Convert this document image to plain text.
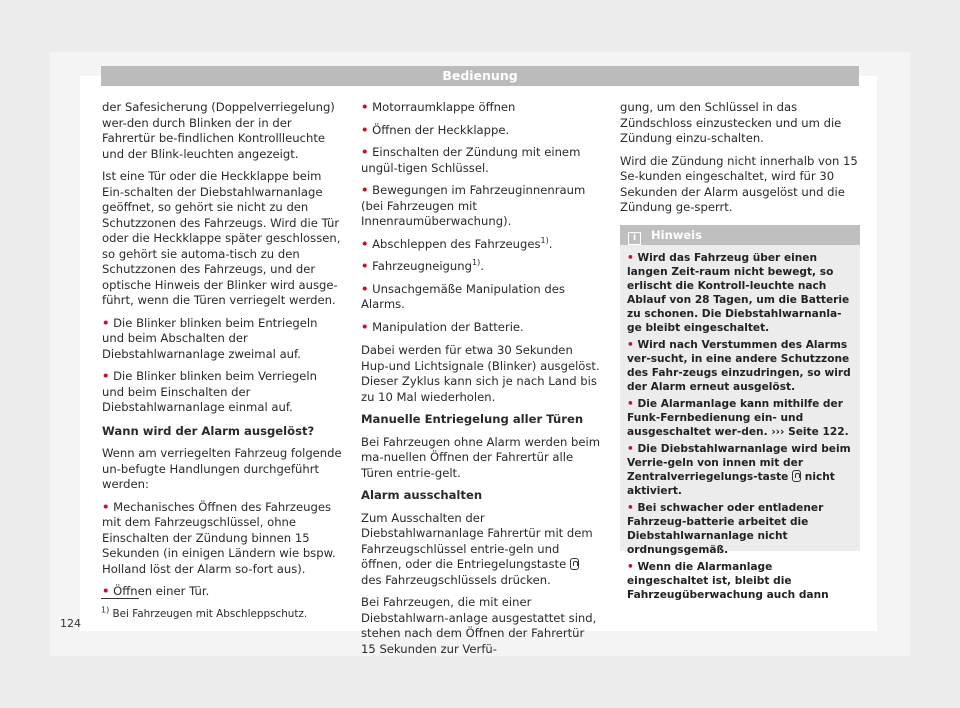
Bedienung

der Safesicherung (Doppelverriegelung) wer-den durch Blinken der in der Fahrertür be-findlichen Kontrollleuchte und der Blink-leuchten angezeigt.

Ist eine Tür oder die Heckklappe beim Ein-schalten der Diebstahlwarnanlage geöffnet, so gehört sie nicht zu den Schutzzonen des Fahrzeugs. Wird die Tür oder die Heckklappe später geschlossen, so gehört sie automa-tisch zu den Schutzzonen des Fahrzeugs, und der optische Hinweis der Blinker wird ausge-führt, wenn die Türen verriegelt werden.

• Die Blinker blinken beim Entriegeln und beim Abschalten der Diebstahlwarnanlage zweimal auf.

• Die Blinker blinken beim Verriegeln und beim Einschalten der Diebstahlwarnanlage einmal auf.

Wann wird der Alarm ausgelöst?

Wenn am verriegelten Fahrzeug folgende un-befugte Handlungen durchgeführt werden:

• Mechanisches Öffnen des Fahrzeuges mit dem Fahrzeugschlüssel, ohne Einschalten der Zündung binnen 15 Sekunden (in einigen Ländern wie bspw. Holland löst der Alarm so-fort aus).

• Öffnen einer Tür.

• Motorraumklappe öffnen

• Öffnen der Heckklappe.

• Einschalten der Zündung mit einem ungül-tigen Schlüssel.

• Bewegungen im Fahrzeuginnenraum (bei Fahrzeugen mit Innenraumüberwachung).

• Abschleppen des Fahrzeuges$^{1)}$.

• Fahrzeugneigung$^{1)}$.

• Unsachgemäße Manipulation des Alarms.

• Manipulation der Batterie.

Dabei werden für etwa 30 Sekunden Hup-und Lichtsignale (Blinker) ausgelöst. Dieser Zyklus kann sich je nach Land bis zu 10 Mal wiederholen.

Manuelle Entriegelung aller Türen

Bei Fahrzeugen ohne Alarm werden beim ma-nuellen Öffnen der Fahrertür alle Türen entrie-gelt.

Alarm ausschalten

Zum Ausschalten der Diebstahlwarnanlage Fahrertür mit dem Fahrzeugschlüssel entrie-geln und öffnen, oder die Entriegelungstaste  des Fahrzeugschlüssels drücken.

Bei Fahrzeugen, die mit einer Diebstahlwarn-anlage ausgestattet sind, stehen nach dem Öffnen der Fahrertür 15 Sekunden zur Verfü-

gung, um den Schlüssel in das Zündschloss einzustecken und um die Zündung einzu-schalten.

Wird die Zündung nicht innerhalb von 15 Se-kunden eingeschaltet, wird für 30 Sekunden der Alarm ausgelöst und die Zündung ge-sperrt.

i Hinweis

• Wird das Fahrzeug über einen langen Zeit-raum nicht bewegt, so erlischt die Kontroll-leuchte nach Ablauf von 28 Tagen, um die Batterie zu schonen. Die Diebstahlwarnanla-ge bleibt eingeschaltet.

• Wird nach Verstummen des Alarms ver-sucht, in eine andere Schutzzone des Fahr-zeugs einzudringen, so wird der Alarm erneut ausgelöst.

• Die Alarmanlage kann mithilfe der Funk-Fernbedienung ein- und ausgeschaltet wer-den. ››› Seite 122.

• Die Diebstahlwarnanlage wird beim Verrie-geln von innen mit der Zentralverriegelungs-taste nicht aktiviert.

• Bei schwacher oder entladener Fahrzeug-batterie arbeitet die Diebstahlwarnanlage nicht ordnungsgemäß.

• Wenn die Alarmanlage eingeschaltet ist, bleibt die Fahrzeugüberwachung auch dann

$^{1)}$ Bei Fahrzeugen mit Abschleppschutz.
124
